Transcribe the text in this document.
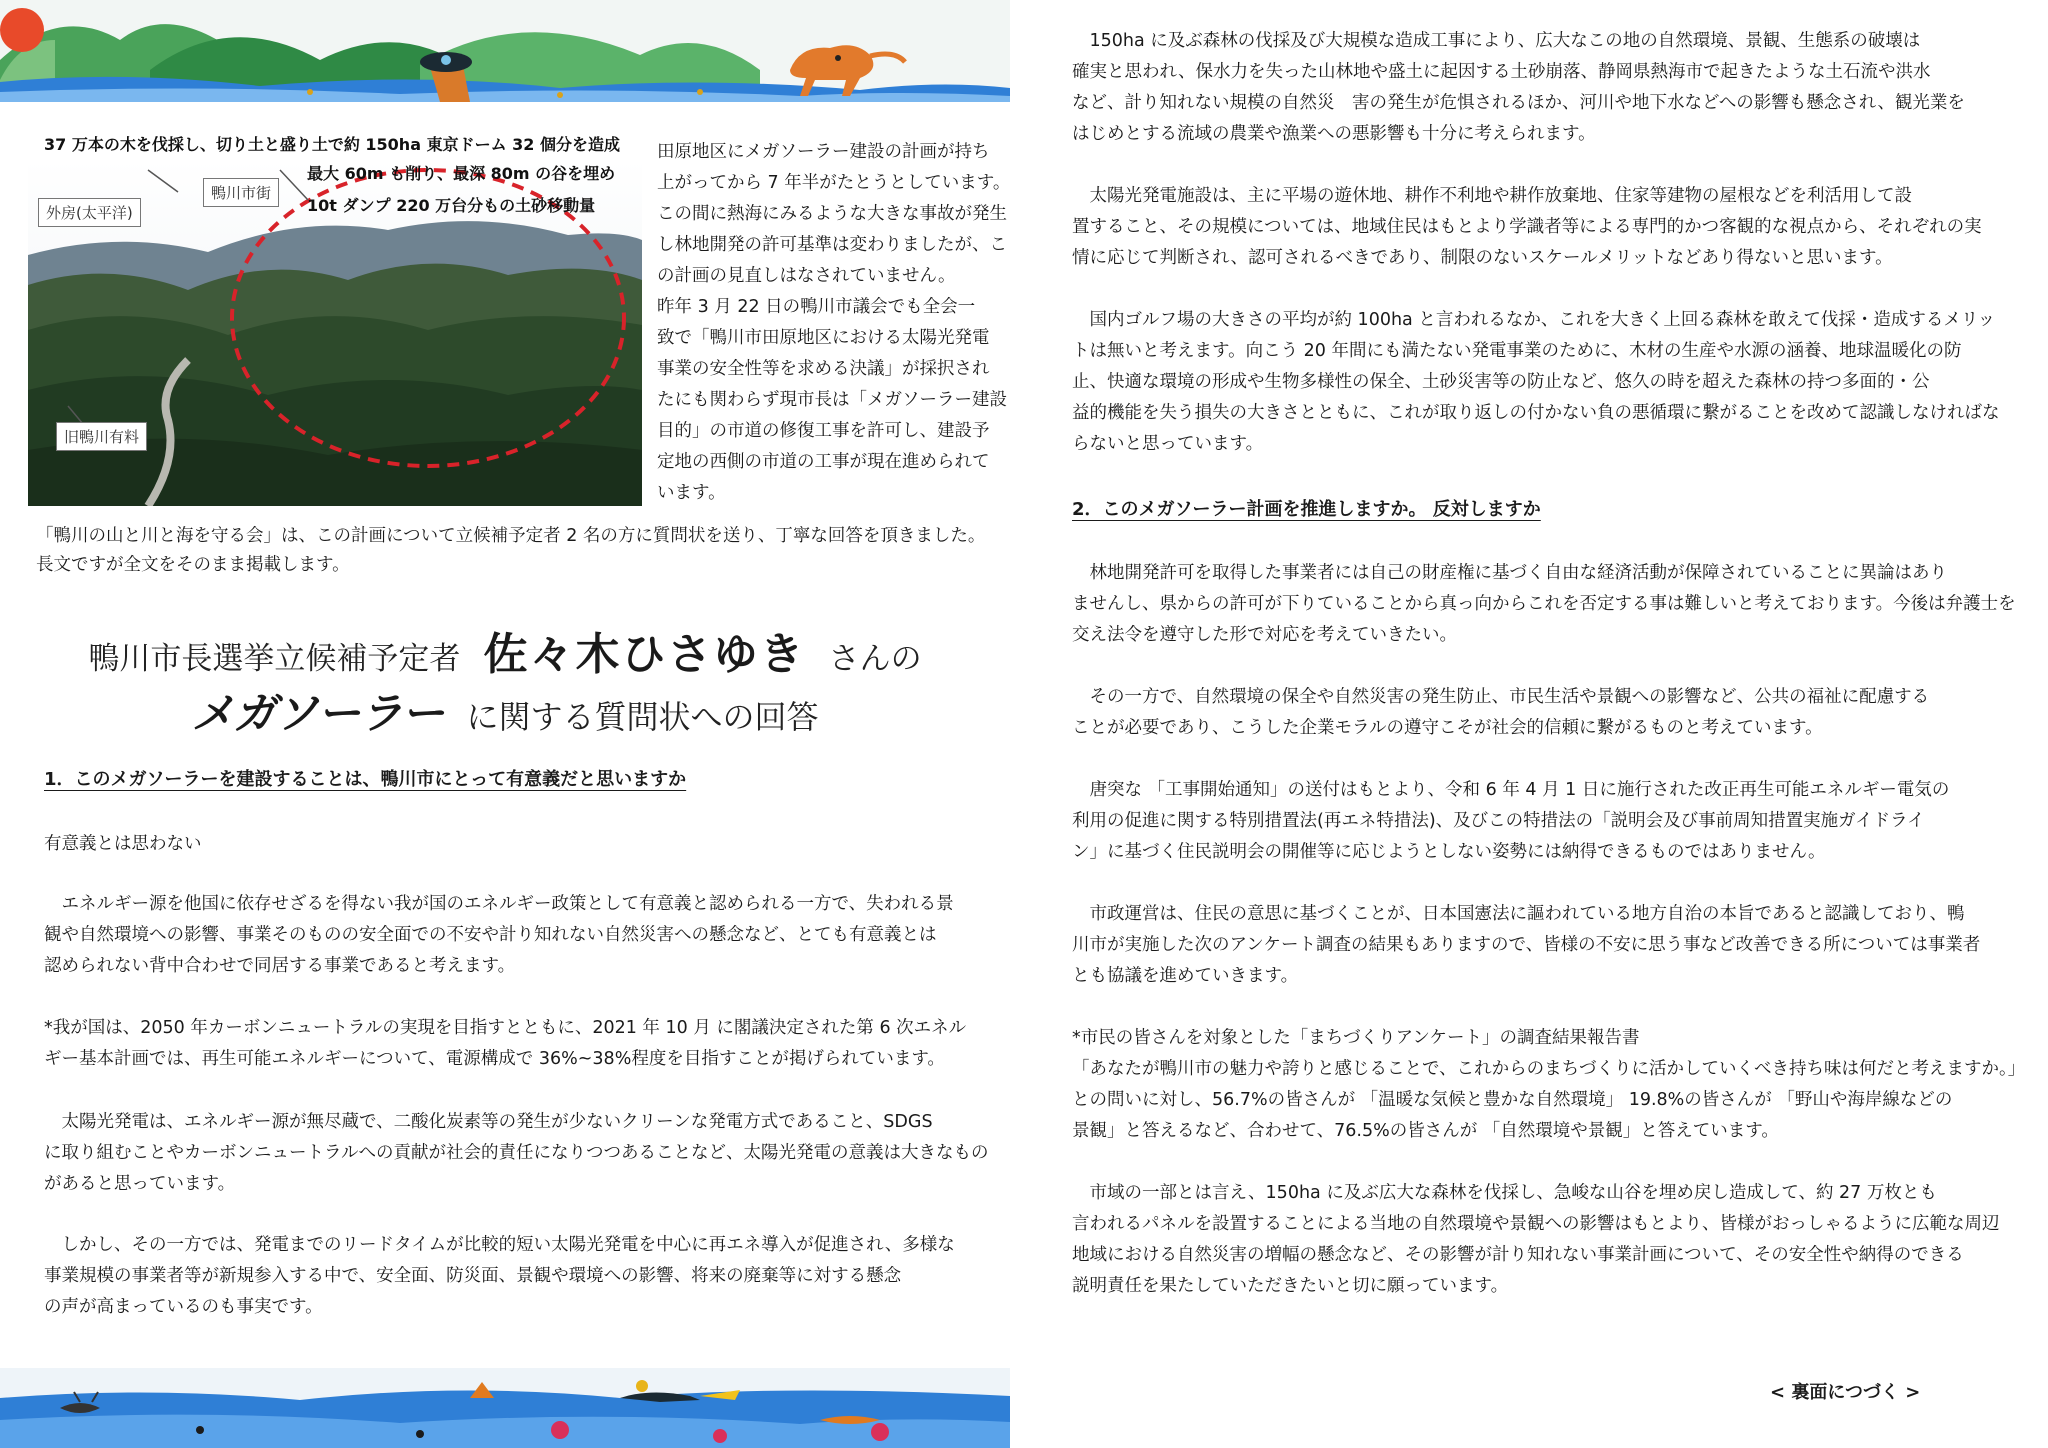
外房(太平洋)
鴨川市街
旧鴨川有料
37 万本の木を伐採し、切り土と盛り土で約 150ha 東京ドーム 32 個分を造成
最大 60m も削り、最深 80m の谷を埋め
10t ダンプ 220 万台分もの土砂移動量
田原地区にメガソーラー建設の計画が持ち
上がってから 7 年半がたとうとしています。
この間に熱海にみるような大きな事故が発生
し林地開発の許可基準は変わりましたが、こ
の計画の見直しはなされていません。
昨年 3 月 22 日の鴨川市議会でも全会一
致で「鴨川市田原地区における太陽光発電
事業の安全性等を求める決議」が採択され
たにも関わらず現市長は「メガソーラー建設
目的」の市道の修復工事を許可し、建設予
定地の西側の市道の工事が現在進められて
います。
「鴨川の山と川と海を守る会」は、この計画について立候補予定者 2 名の方に質問状を送り、丁寧な回答を頂きました。
長文ですが全文をそのまま掲載します。
鴨川市長選挙立候補予定者 佐々木ひさゆき さんの
メガソーラー に関する質問状への回答
1．このメガソーラーを建設することは、鴨川市にとって有意義だと思いますか
有意義とは思わない
　エネルギー源を他国に依存せざるを得ない我が国のエネルギー政策として有意義と認められる一方で、失われる景
観や自然環境への影響、事業そのものの安全面での不安や計り知れない自然災害への懸念など、とても有意義とは
認められない背中合わせで同居する事業であると考えます。
*我が国は、2050 年カーボンニュートラルの実現を目指すとともに、2021 年 10 月 に閣議決定された第 6 次エネル
ギー基本計画では、再生可能エネルギーについて、電源構成で 36%~38%程度を目指すことが掲げられています。
　太陽光発電は、エネルギー源が無尽蔵で、二酸化炭素等の発生が少ないクリーンな発電方式であること、SDGS
に取り組むことやカーボンニュートラルへの貢献が社会的責任になりつつあることなど、太陽光発電の意義は大きなもの
があると思っています。
　しかし、その一方では、発電までのリードタイムが比較的短い太陽光発電を中心に再エネ導入が促進され、多様な
事業規模の事業者等が新規参入する中で、安全面、防災面、景観や環境への影響、将来の廃棄等に対する懸念
の声が高まっているのも事実です。
　150ha に及ぶ森林の伐採及び大規模な造成工事により、広大なこの地の自然環境、景観、生態系の破壊は
確実と思われ、保水力を失った山林地や盛土に起因する土砂崩落、静岡県熱海市で起きたような土石流や洪水
など、計り知れない規模の自然災　害の発生が危惧されるほか、河川や地下水などへの影響も懸念され、観光業を
はじめとする流域の農業や漁業への悪影響も十分に考えられます。
　太陽光発電施設は、主に平場の遊休地、耕作不利地や耕作放棄地、住家等建物の屋根などを利活用して設
置すること、その規模については、地域住民はもとより学識者等による専門的かつ客観的な視点から、それぞれの実
情に応じて判断され、認可されるべきであり、制限のないスケールメリットなどあり得ないと思います。
　国内ゴルフ場の大きさの平均が約 100ha と言われるなか、これを大きく上回る森林を敢えて伐採・造成するメリッ
トは無いと考えます。向こう 20 年間にも満たない発電事業のために、木材の生産や水源の涵養、地球温暖化の防
止、快適な環境の形成や生物多様性の保全、土砂災害等の防止など、悠久の時を超えた森林の持つ多面的・公
益的機能を失う損失の大きさとともに、これが取り返しの付かない負の悪循環に繋がることを改めて認識しなければな
らないと思っています。
2．このメガソーラー計画を推進しますか。 反対しますか
　林地開発許可を取得した事業者には自己の財産権に基づく自由な経済活動が保障されていることに異論はあり
ませんし、県からの許可が下りていることから真っ向からこれを否定する事は難しいと考えております。今後は弁護士を
交え法令を遵守した形で対応を考えていきたい。
　その一方で、自然環境の保全や自然災害の発生防止、市民生活や景観への影響など、公共の福祉に配慮する
ことが必要であり、こうした企業モラルの遵守こそが社会的信頼に繋がるものと考えています。
　唐突な 「工事開始通知」の送付はもとより、令和 6 年 4 月 1 日に施行された改正再生可能エネルギー電気の
利用の促進に関する特別措置法(再エネ特措法)、及びこの特措法の「説明会及び事前周知措置実施ガイドライ
ン」に基づく住民説明会の開催等に応じようとしない姿勢には納得できるものではありません。
　市政運営は、住民の意思に基づくことが、日本国憲法に謳われている地方自治の本旨であると認識しており、鴨
川市が実施した次のアンケート調査の結果もありますので、皆様の不安に思う事など改善できる所については事業者
とも協議を進めていきます。
*市民の皆さんを対象とした「まちづくりアンケート」の調査結果報告書
「あなたが鴨川市の魅力や誇りと感じることで、これからのまちづくりに活かしていくべき持ち味は何だと考えますか。」
との問いに対し、56.7%の皆さんが 「温暖な気候と豊かな自然環境」 19.8%の皆さんが 「野山や海岸線などの
景観」と答えるなど、合わせて、76.5%の皆さんが 「自然環境や景観」と答えています。
　市域の一部とは言え、150ha に及ぶ広大な森林を伐採し、急峻な山谷を埋め戻し造成して、約 27 万枚とも
言われるパネルを設置することによる当地の自然環境や景観への影響はもとより、皆様がおっしゃるように広範な周辺
地域における自然災害の増幅の懸念など、その影響が計り知れない事業計画について、その安全性や納得のできる
説明責任を果たしていただきたいと切に願っています。
< 裏面につづく >
